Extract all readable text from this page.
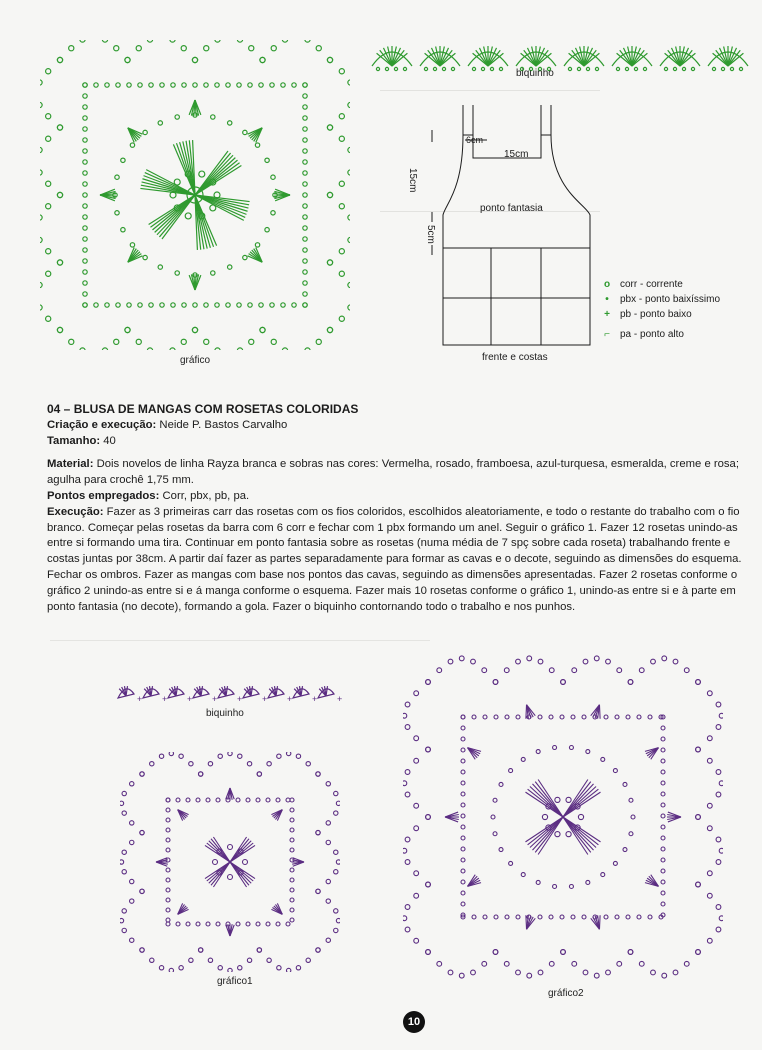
gráfico
biquinho
6cm
15cm
15cm
5cm
ponto fantasia
frente e costas
o corr - corrente
•	pbx - ponto baixíssimo
+	pb - ponto baixo
⌐	pa - ponto alto

04 – BLUSA DE MANGAS COM ROSETAS COLORIDAS

Criação e execução: Neide P. Bastos Carvalho

Tamanho: 40

Material: Dois novelos de linha Rayza branca e sobras nas cores: Vermelha, rosado, framboesa, azul-turquesa, esmeralda, creme e rosa; agulha para crochê 1,75 mm.

Pontos empregados: Corr, pbx, pb, pa.

Execução: Fazer as 3 primeiras carr das rosetas com os fios coloridos, escolhidos aleatoriamente, e todo o restante do trabalho com o fio branco. Começar pelas rosetas da barra com 6 corr e fechar com 1 pbx formando um anel. Seguir o gráfico 1. Fazer 12 rosetas unindo-as entre si formando uma tira. Continuar em ponto fantasia sobre as rosetas (numa média de 7 spç sobre cada roseta) trabalhando frente e costas juntas por 38cm. A partir daí fazer as partes separadamente para formar as cavas e o decote, seguindo as dimensões do esquema. Fechar os ombros. Fazer as mangas com base nos pontos das cavas, seguindo as dimensões apresentadas. Fazer 2 rosetas conforme o gráfico 2 unindo-as entre si e á manga conforme o esquema. Fazer mais 10 rosetas conforme o gráfico 1, unindo-as entre si e à parte em ponto fantasia (no decote), formando a gola. Fazer o biquinho contornando todo o trabalho e nos punhos.

+ + + + + + + + +
biquinho
gráfico1
gráfico2
10
